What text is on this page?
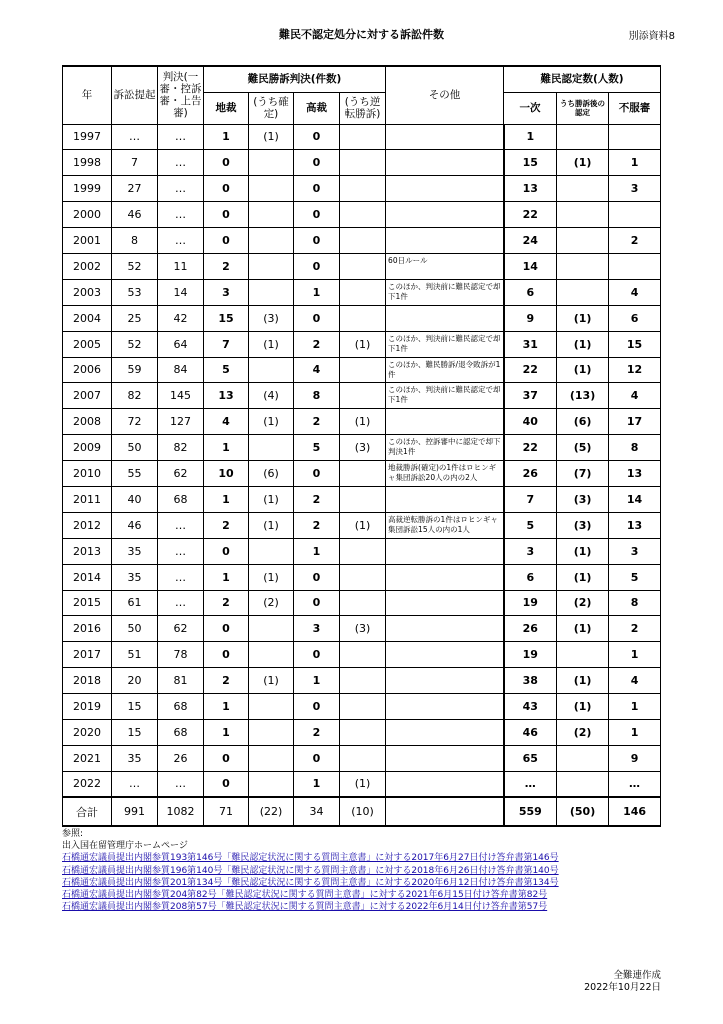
難民不認定処分に対する訴訟件数	別添資料8
年	訴訟提起	判決(一審・控訴審・上告審)	難民勝訴判決(件数)				その他	難民認定数(人数)		
			地裁	(うち確定)	高裁	(うち逆転勝訴)		一次	うち勝訴後の認定	不服審
1997	…	…	1	(1)	0			1		
1998	7	…	0		0			15	(1)	1
1999	27	…	0		0			13		3
2000	46	…	0		0			22		
2001	8	…	0		0			24		2
2002	52	11	2		0		60日ルール	14		
2003	53	14	3		1		このほか、判決前に難民認定で却下1件	6		4
2004	25	42	15	(3)	0			9	(1)	6
2005	52	64	7	(1)	2	(1)	このほか、判決前に難民認定で却下1件	31	(1)	15
2006	59	84	5		4		このほか、難民勝訴/退令敗訴が1件	22	(1)	12
2007	82	145	13	(4)	8		このほか、判決前に難民認定で却下1件	37	(13)	4
2008	72	127	4	(1)	2	(1)		40	(6)	17
2009	50	82	1		5	(3)	このほか、控訴審中に認定で却下判決1件	22	(5)	8
2010	55	62	10	(6)	0		地裁勝訴(確定)の1件はロヒンギャ集団訴訟20人の内の2人	26	(7)	13
2011	40	68	1	(1)	2			7	(3)	14
2012	46	…	2	(1)	2	(1)	高裁逆転勝訴の1件はロヒンギャ集団訴訟15人の内の1人	5	(3)	13
2013	35	…	0		1			3	(1)	3
2014	35	…	1	(1)	0			6	(1)	5
2015	61	…	2	(2)	0			19	(2)	8
2016	50	62	0		3	(3)		26	(1)	2
2017	51	78	0		0			19		1
2018	20	81	2	(1)	1			38	(1)	4
2019	15	68	1		0			43	(1)	1
2020	15	68	1		2			46	(2)	1
2021	35	26	0		0			65		9
2022	…	…	0		1	(1)		…		…
合計	991	1082	71	(22)	34	(10)		559	(50)	146
参照:
出入国在留管理庁ホームページ
石橋通宏議員提出内閣参質193第146号「難民認定状況に関する質問主意書」に対する2017年6月27日付け答弁書第146号
石橋通宏議員提出内閣参質196第140号「難民認定状況に関する質問主意書」に対する2018年6月26日付け答弁書第140号
石橋通宏議員提出内閣参質201第134号「難民認定状況に関する質問主意書」に対する2020年6月12日付け答弁書第134号
石橋通宏議員提出内閣参質204第82号「難民認定状況に関する質問主意書」に対する2021年6月15日付け答弁書第82号
石橋通宏議員提出内閣参質208第57号「難民認定状況に関する質問主意書」に対する2022年6月14日付け答弁書第57号
全難連作成
2022年10月22日
